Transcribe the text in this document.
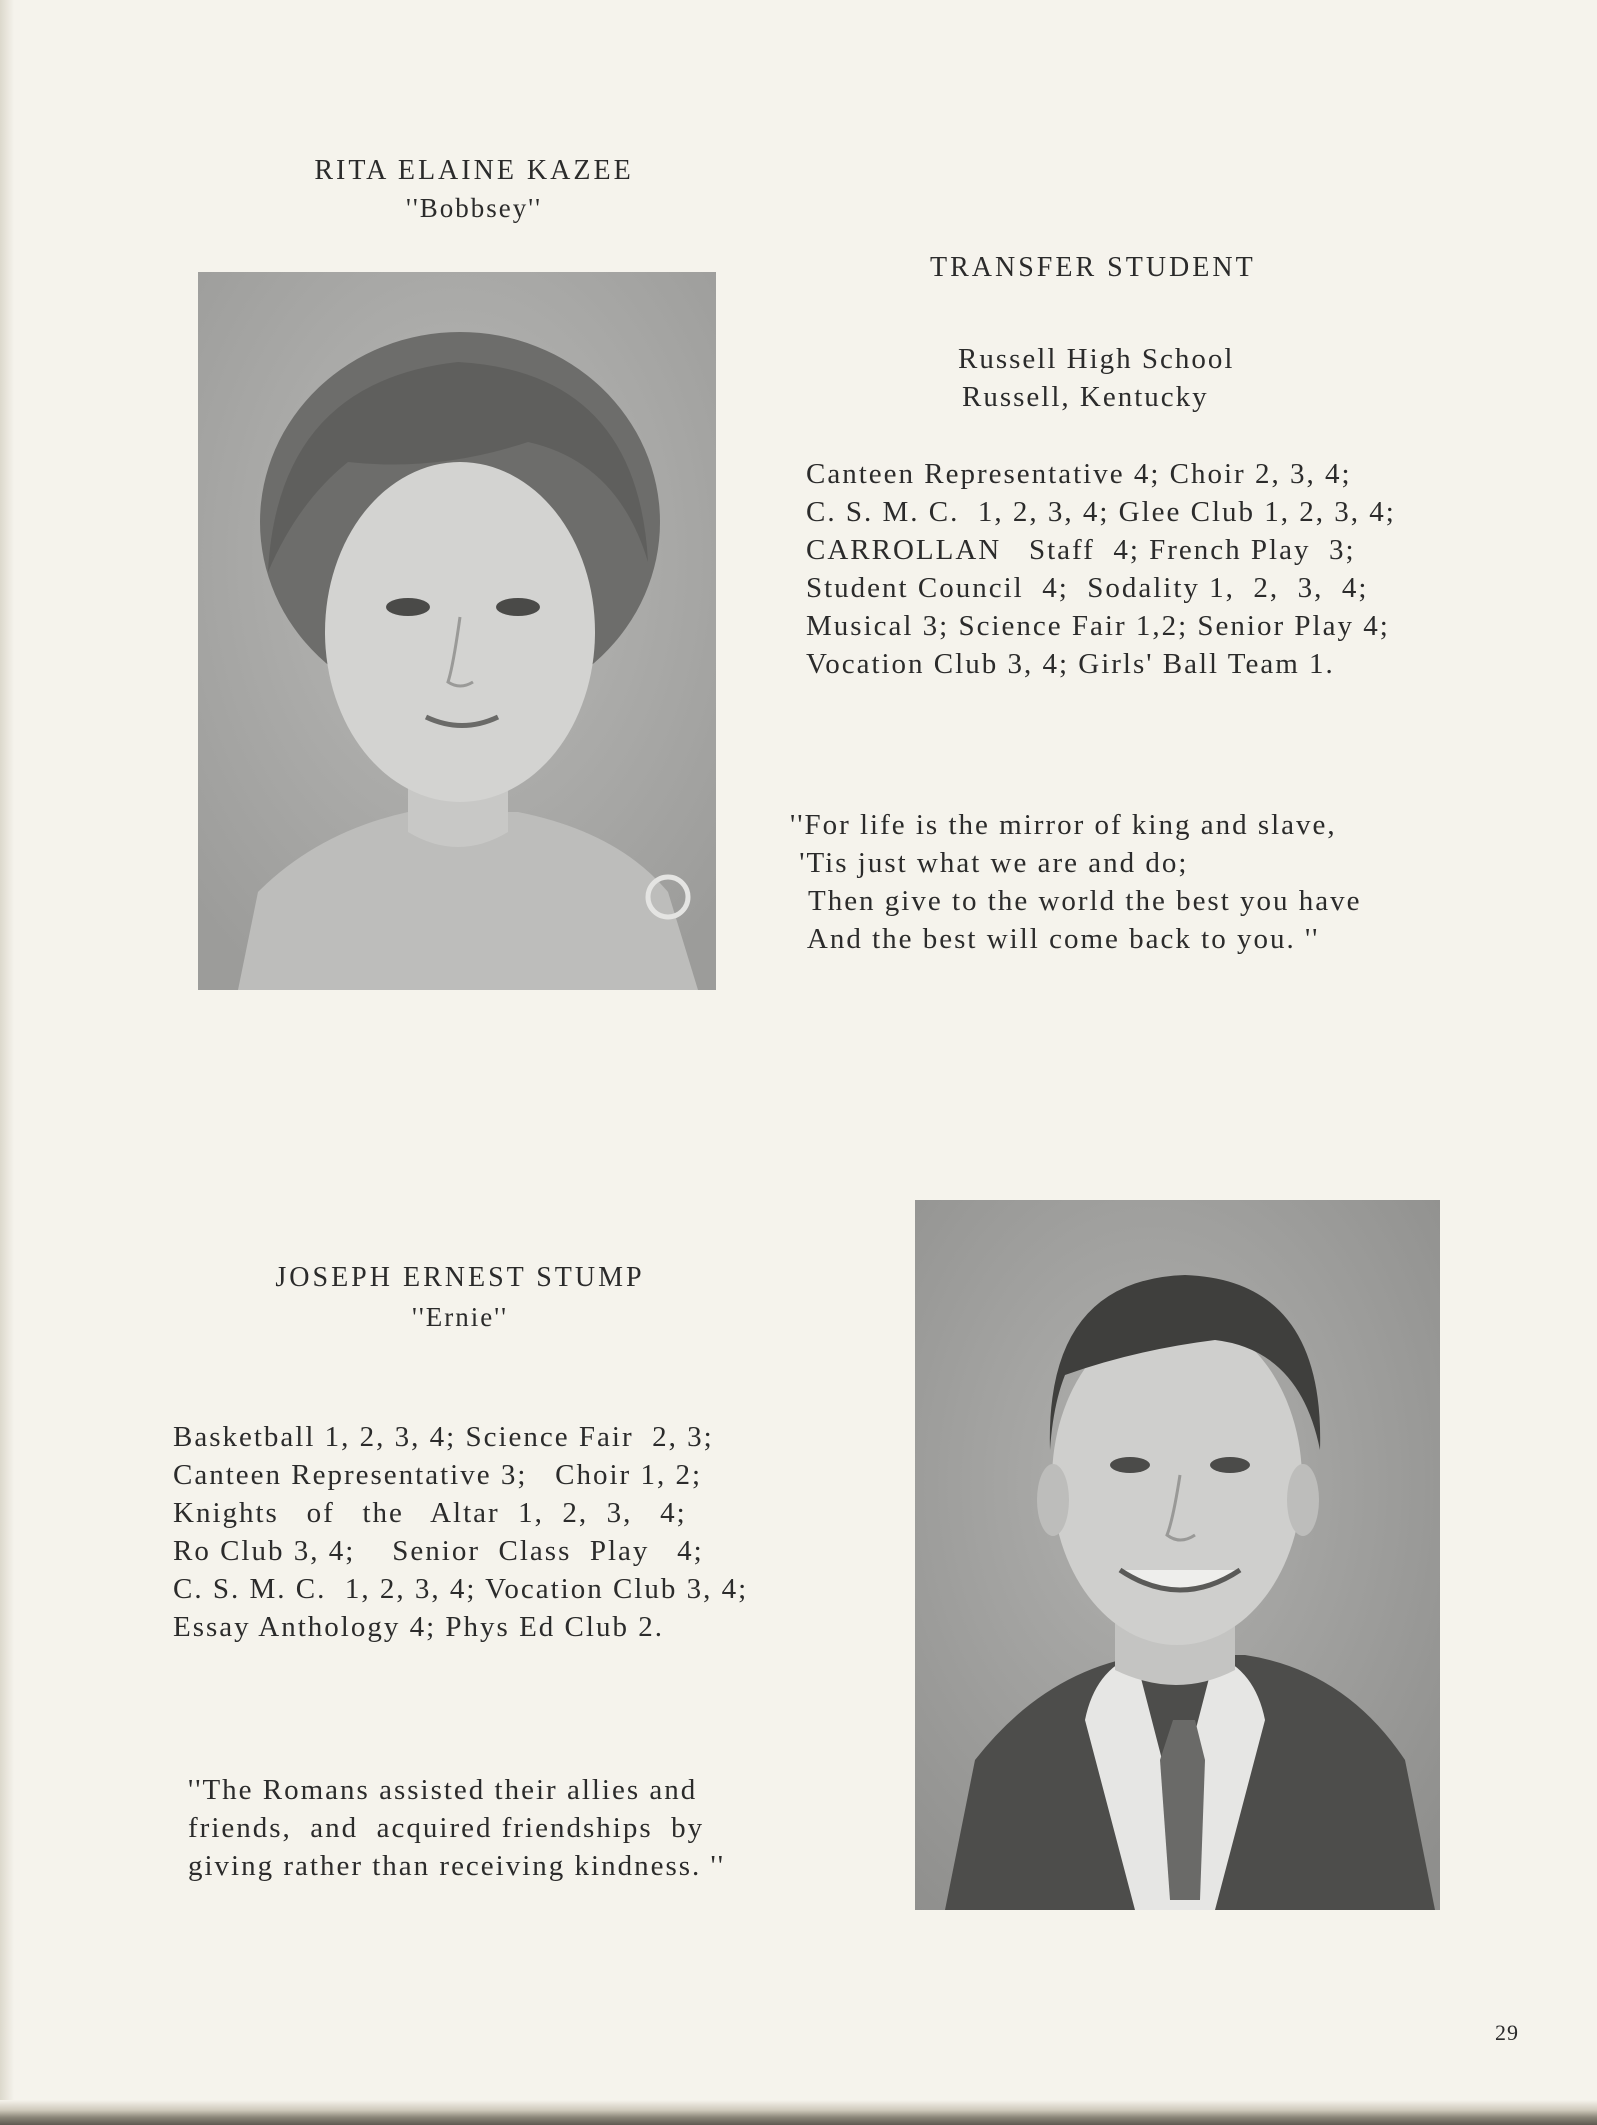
RITA ELAINE KAZEE
''Bobbsey''
TRANSFER STUDENT
Russell High School
Russell, Kentucky
Canteen Representative 4; Choir 2, 3, 4;
C. S. M. C.  1, 2, 3, 4; Glee Club 1, 2, 3, 4;
CARROLLAN   Staff  4; French Play  3;
Student Council  4;  Sodality 1,  2,  3,  4;
Musical 3; Science Fair 1,2; Senior Play 4;
Vocation Club 3, 4; Girls' Ball Team 1.
''For life is the mirror of king and slave,
'Tis just what we are and do;
Then give to the world the best you have
And the best will come back to you. ''
JOSEPH ERNEST STUMP
''Ernie''
Basketball 1, 2, 3, 4; Science Fair  2, 3;
Canteen Representative 3;   Choir 1, 2;
Knights   of   the   Altar  1,  2,  3,   4;
Ro Club 3, 4;    Senior  Class  Play   4;
C. S. M. C.  1, 2, 3, 4; Vocation Club 3, 4;
Essay Anthology 4; Phys Ed Club 2.
''The Romans assisted their allies and
friends,  and  acquired friendships  by
giving rather than receiving kindness. ''
29
